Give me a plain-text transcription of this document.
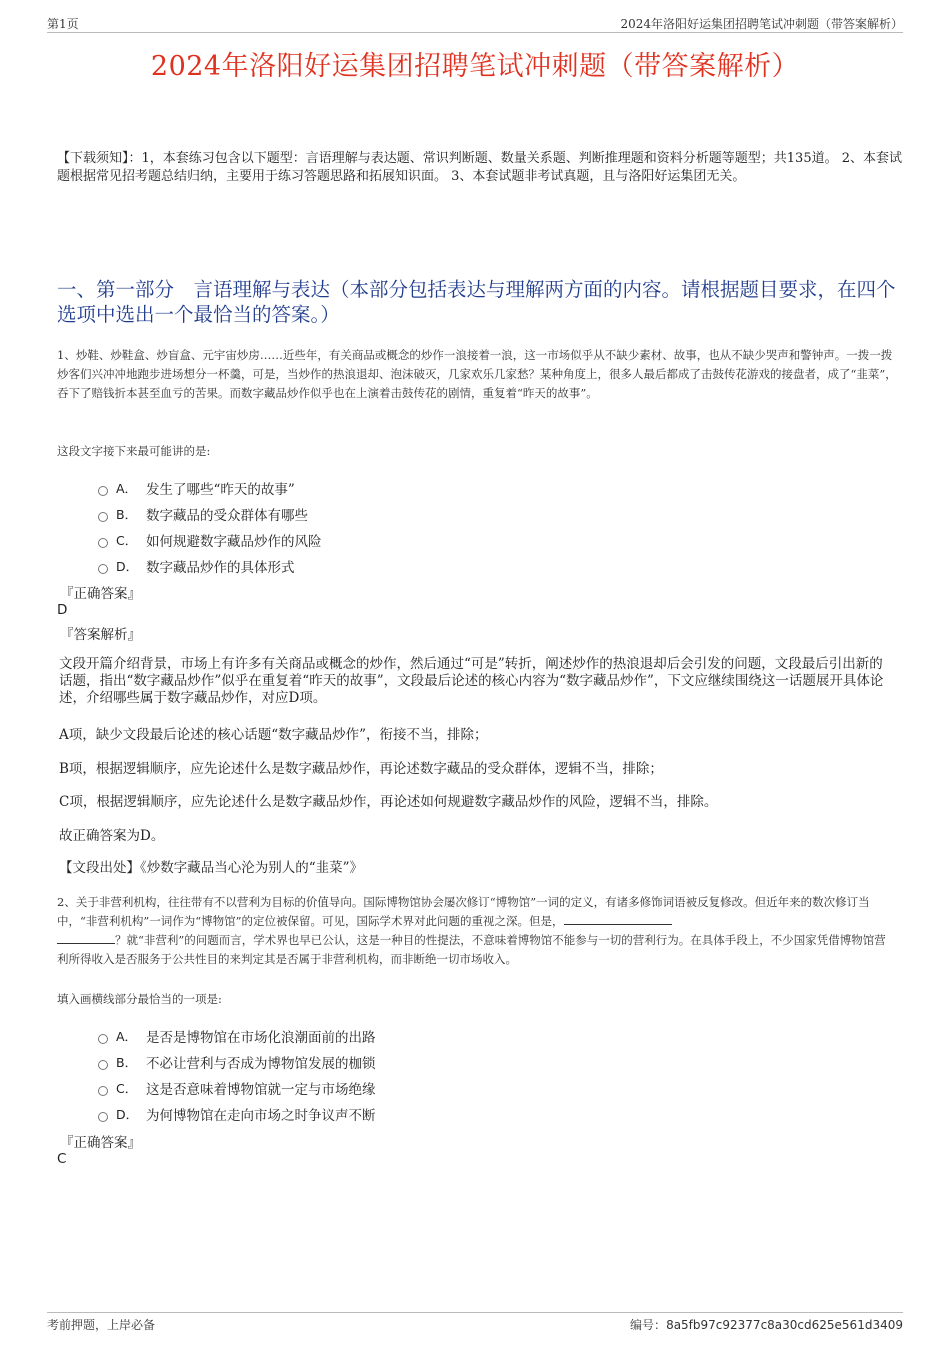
第1页	2024年洛阳好运集团招聘笔试冲刺题（带答案解析）
2024年洛阳好运集团招聘笔试冲刺题（带答案解析）
【下载须知】：1，本套练习包含以下题型：言语理解与表达题、常识判断题、数量关系题、判断推理题和资料分析题等题型；共135道。 2、本套试题根据常见招考题总结归纳，主要用于练习答题思路和拓展知识面。 3、本套试题非考试真题，且与洛阳好运集团无关。
一、第一部分　言语理解与表达（本部分包括表达与理解两方面的内容。请根据题目要求，在四个选项中选出一个最恰当的答案。）
1、炒鞋、炒鞋盒、炒盲盒、元宇宙炒房……近些年，有关商品或概念的炒作一浪接着一浪，这一市场似乎从不缺少素材、故事，也从不缺少哭声和警钟声。一拨一拨炒客们兴冲冲地跑步进场想分一杯羹，可是，当炒作的热浪退却、泡沫破灭，几家欢乐几家愁？某种角度上，很多人最后都成了击鼓传花游戏的接盘者，成了“韭菜”，吞下了赔钱折本甚至血亏的苦果。而数字藏品炒作似乎也在上演着击鼓传花的剧情，重复着“昨天的故事”。
这段文字接下来最可能讲的是:
A． 发生了哪些“昨天的故事”
B． 数字藏品的受众群体有哪些
C． 如何规避数字藏品炒作的风险
D． 数字藏品炒作的具体形式
『正确答案』
D
『答案解析』
文段开篇介绍背景，市场上有许多有关商品或概念的炒作，然后通过“可是”转折，阐述炒作的热浪退却后会引发的问题，文段最后引出新的话题，指出“数字藏品炒作”似乎在重复着“昨天的故事”，文段最后论述的核心内容为“数字藏品炒作”，下文应继续围绕这一话题展开具体论述，介绍哪些属于数字藏品炒作，对应D项。
A项，缺少文段最后论述的核心话题“数字藏品炒作”，衔接不当，排除；
B项，根据逻辑顺序，应先论述什么是数字藏品炒作，再论述数字藏品的受众群体，逻辑不当，排除；
C项，根据逻辑顺序，应先论述什么是数字藏品炒作，再论述如何规避数字藏品炒作的风险，逻辑不当，排除。
故正确答案为D。
【文段出处】《炒数字藏品当心沦为别人的“韭菜”》
2、关于非营利机构，往往带有不以营利为目标的价值导向。国际博物馆协会屡次修订“博物馆”一词的定义，有诸多修饰词语被反复修改。但近年来的数次修订当中，“非营利机构”一词作为“博物馆”的定位被保留。可见，国际学术界对此问题的重视之深。但是，
？就“非营利”的问题而言，学术界也早已公认，这是一种目的性提法，不意味着博物馆不能参与一切的营利行为。在具体手段上，不少国家凭借博物馆营利所得收入是否服务于公共性目的来判定其是否属于非营利机构，而非断绝一切市场收入。
填入画横线部分最恰当的一项是:
A． 是否是博物馆在市场化浪潮面前的出路
B． 不必让营利与否成为博物馆发展的枷锁
C． 这是否意味着博物馆就一定与市场绝缘
D． 为何博物馆在走向市场之时争议声不断
『正确答案』
C
考前押题，上岸必备	编号：8a5fb97c92377c8a30cd625e561d3409
